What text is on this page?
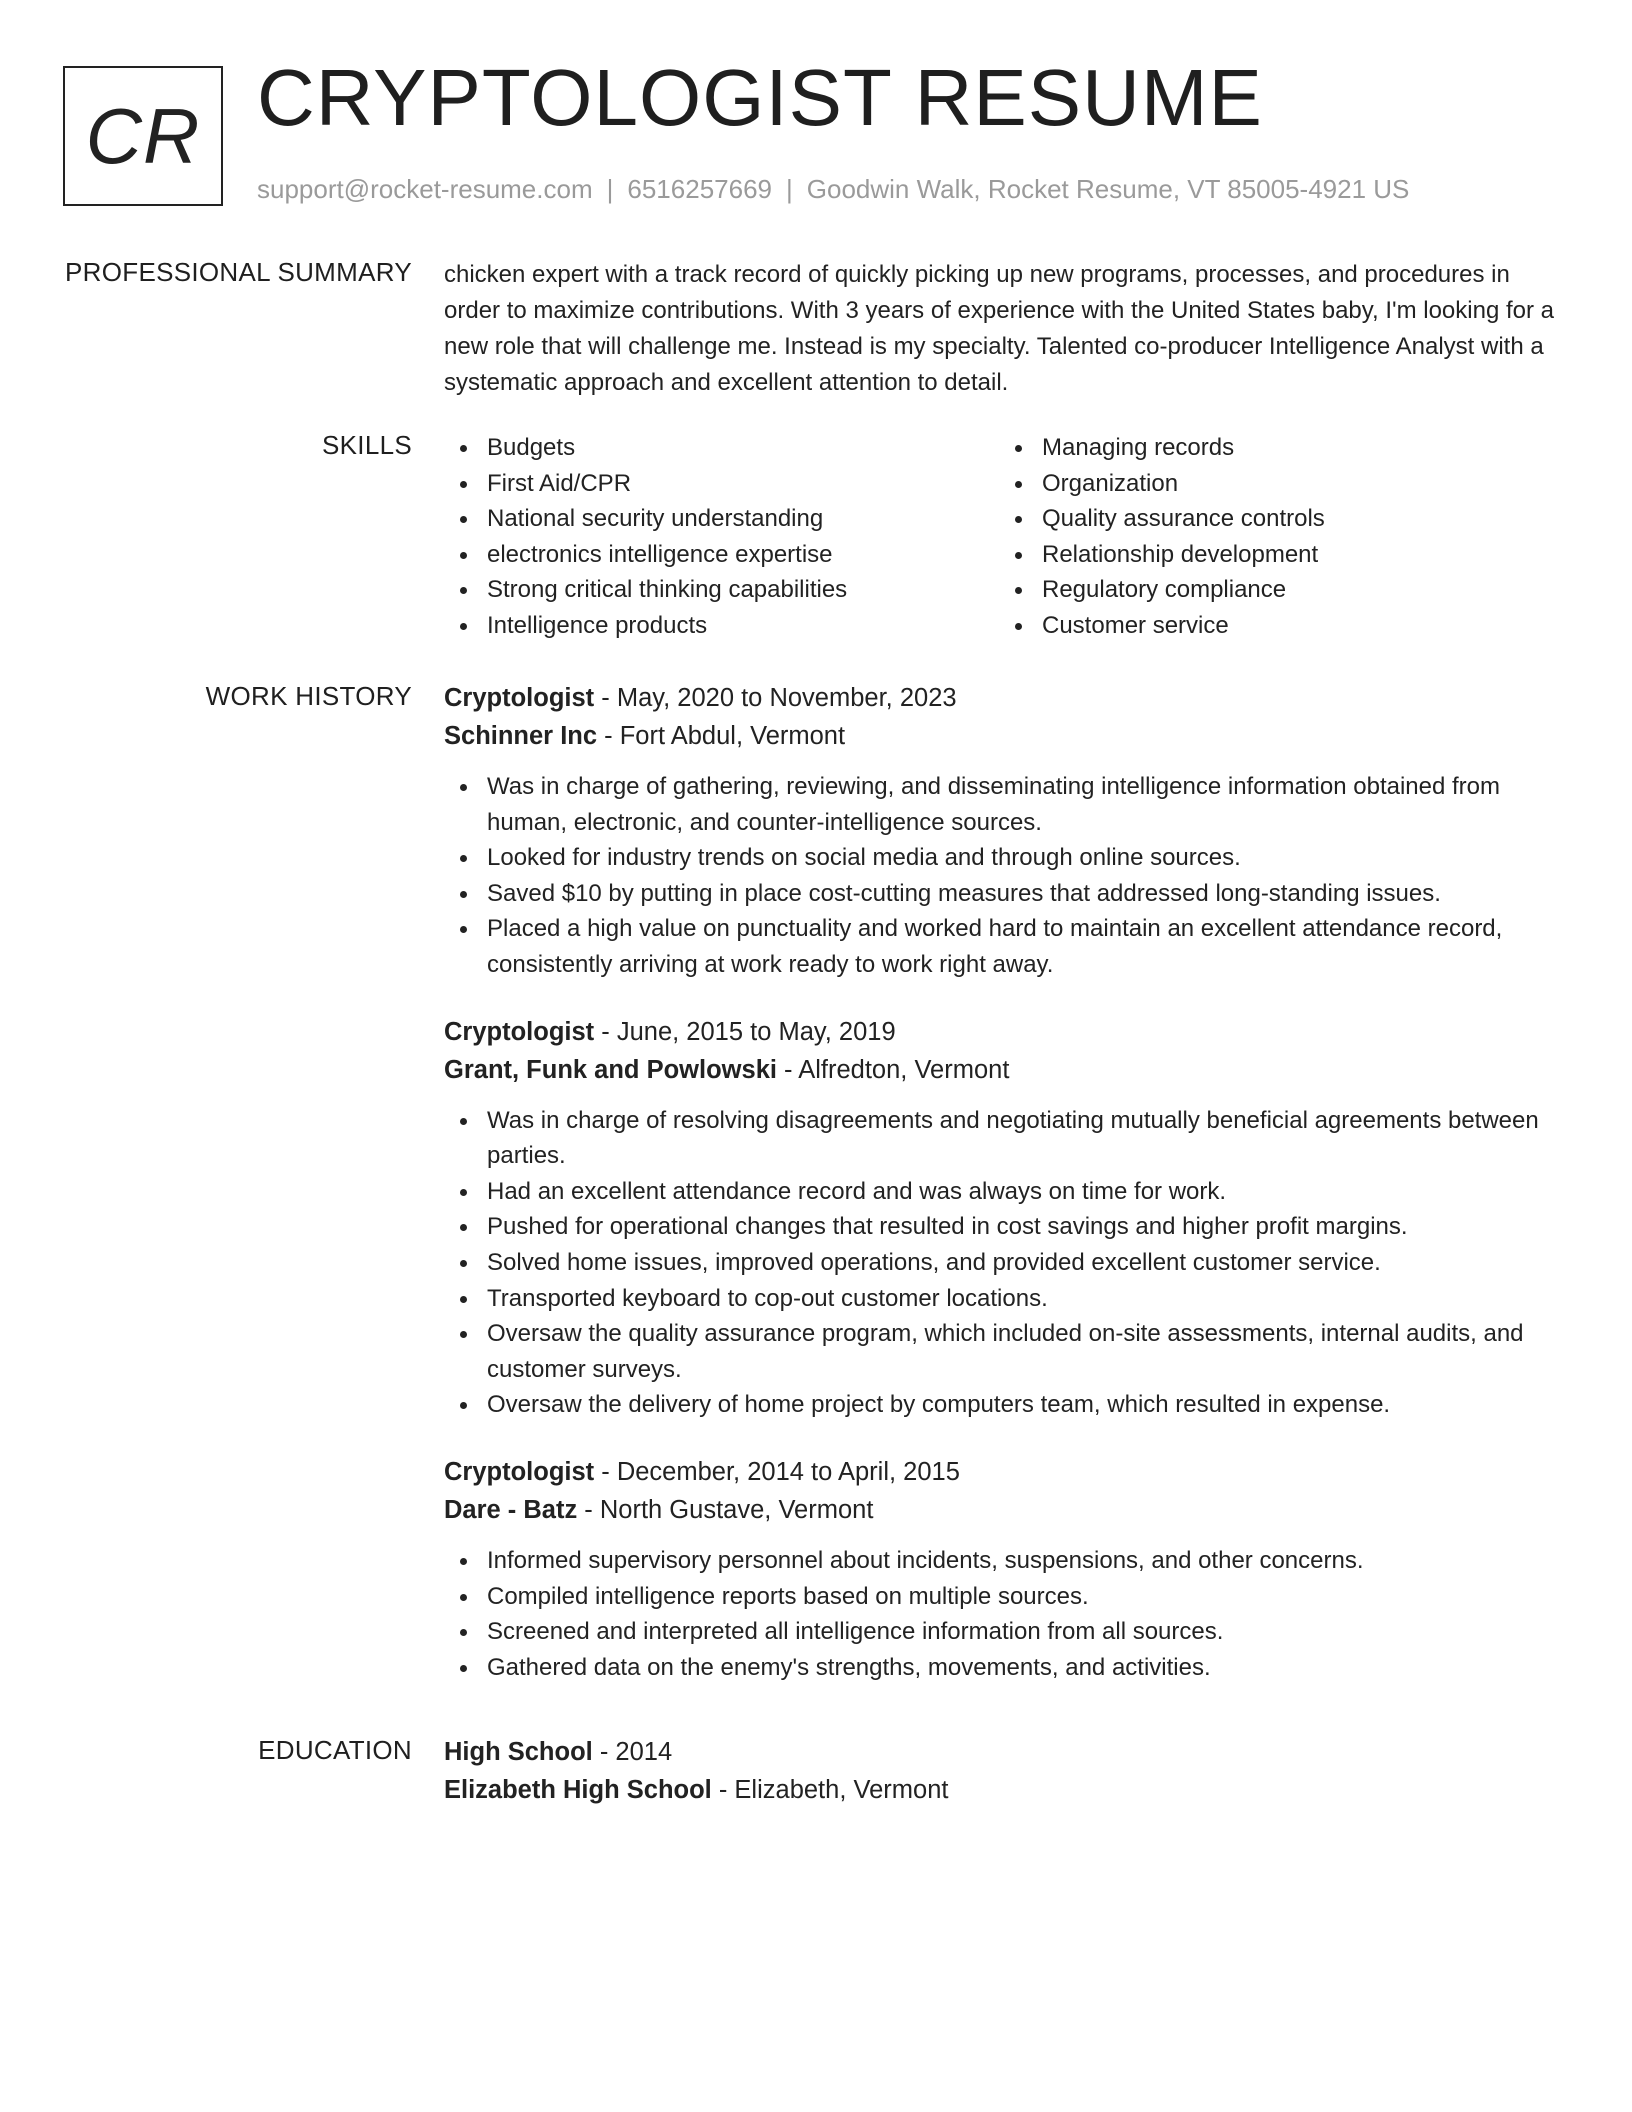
CR CRYPTOLOGIST RESUME
support@rocket-resume.com | 6516257669 | Goodwin Walk, Rocket Resume, VT 85005-4921 US
PROFESSIONAL SUMMARY chicken expert with a track record of quickly picking up new programs, processes, and procedures in order to maximize contributions. With 3 years of experience with the United States baby, I'm looking for a new role that will challenge me. Instead is my specialty. Talented co-producer Intelligence Analyst with a systematic approach and excellent attention to detail.

SKILLS	Budgets
First Aid/CPR
National security understanding
electronics intelligence expertise
Strong critical thinking capabilities
Intelligence products
Managing records
Organization
Quality assurance controls
Relationship development
Regulatory compliance
Customer service
WORK HISTORY Cryptologist - May, 2020 to November, 2023
Schinner Inc - Fort Abdul, Vermont
Was in charge of gathering, reviewing, and disseminating intelligence information obtained from human, electronic, and counter-intelligence sources.
Looked for industry trends on social media and through online sources.
Saved $10 by putting in place cost-cutting measures that addressed long-standing issues.
Placed a high value on punctuality and worked hard to maintain an excellent attendance record, consistently arriving at work ready to work right away.
Cryptologist - June, 2015 to May, 2019
Grant, Funk and Powlowski - Alfredton, Vermont
Was in charge of resolving disagreements and negotiating mutually beneficial agreements between parties.
Had an excellent attendance record and was always on time for work.
Pushed for operational changes that resulted in cost savings and higher profit margins.
Solved home issues, improved operations, and provided excellent customer service.
Transported keyboard to cop-out customer locations.
Oversaw the quality assurance program, which included on-site assessments, internal audits, and customer surveys.
Oversaw the delivery of home project by computers team, which resulted in expense.
Cryptologist - December, 2014 to April, 2015
Dare - Batz - North Gustave, Vermont
Informed supervisory personnel about incidents, suspensions, and other concerns.
Compiled intelligence reports based on multiple sources.
Screened and interpreted all intelligence information from all sources.
Gathered data on the enemy's strengths, movements, and activities.
EDUCATION High School - 2014
Elizabeth High School - Elizabeth, Vermont
